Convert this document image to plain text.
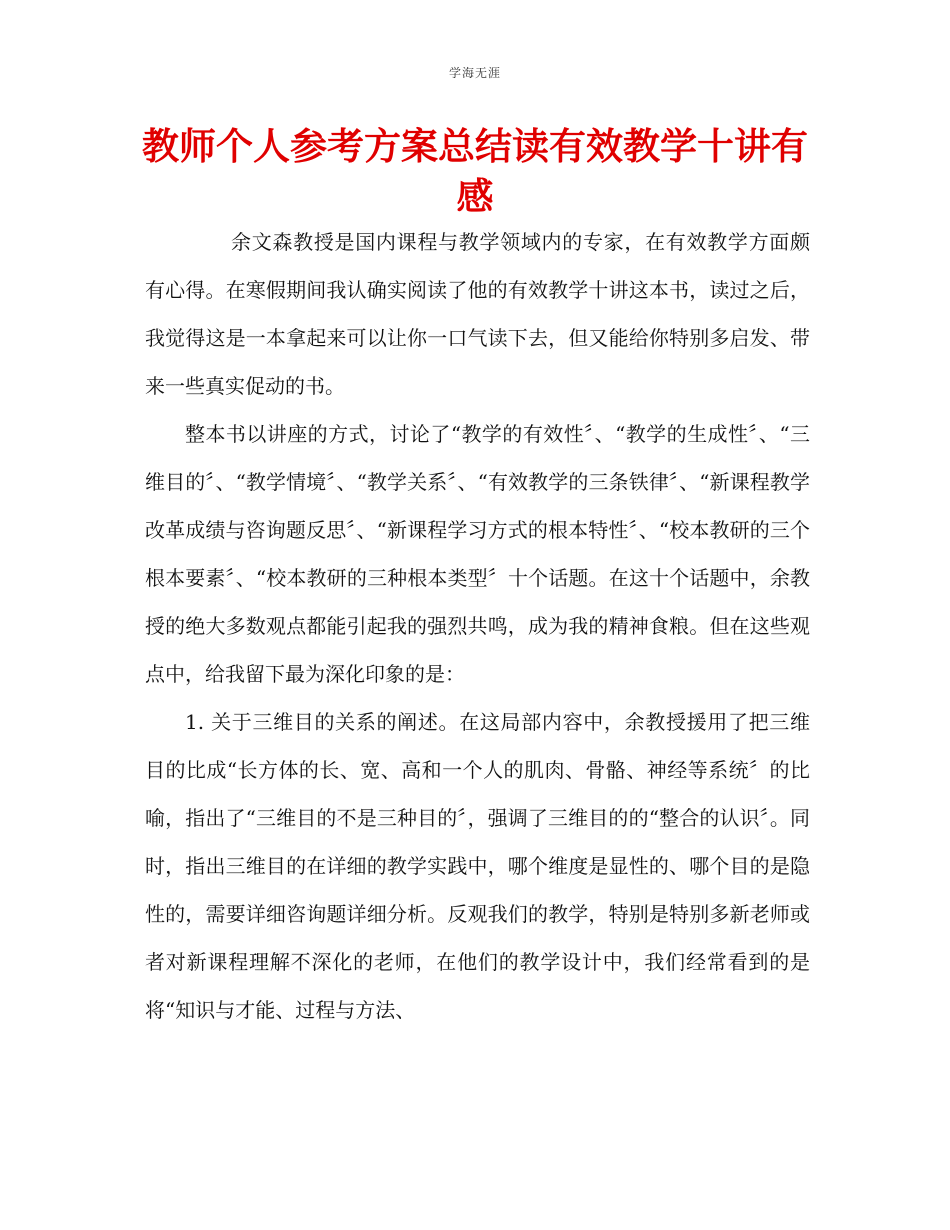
学海无涯
教师个人参考方案总结读有效教学十讲有感

余文森教授是国内课程与教学领域内的专家，在有效教学方面颇有心得。在寒假期间我认确实阅读了他的有效教学十讲这本书，读过之后，我觉得这是一本拿起来可以让你一口气读下去，但又能给你特别多启发、带来一些真实促动的书。

整本书以讲座的方式，讨论了“教学的有效性〞、“教学的生成性〞、“三维目的〞、“教学情境〞、“教学关系〞、“有效教学的三条铁律〞、“新课程教学改革成绩与咨询题反思〞、“新课程学习方式的根本特性〞、“校本教研的三个根本要素〞、“校本教研的三种根本类型〞十个话题。在这十个话题中，余教授的绝大多数观点都能引起我的强烈共鸣，成为我的精神食粮。但在这些观点中，给我留下最为深化印象的是：

1. 关于三维目的关系的阐述。在这局部内容中，余教授援用了把三维目的比成“长方体的长、宽、高和一个人的肌肉、骨骼、神经等系统〞的比喻，指出了“三维目的不是三种目的〞，强调了三维目的的“整合的认识〞。同时，指出三维目的在详细的教学实践中，哪个维度是显性的、哪个目的是隐性的，需要详细咨询题详细分析。反观我们的教学，特别是特别多新老师或者对新课程理解不深化的老师，在他们的教学设计中，我们经常看到的是将“知识与才能、过程与方法、
